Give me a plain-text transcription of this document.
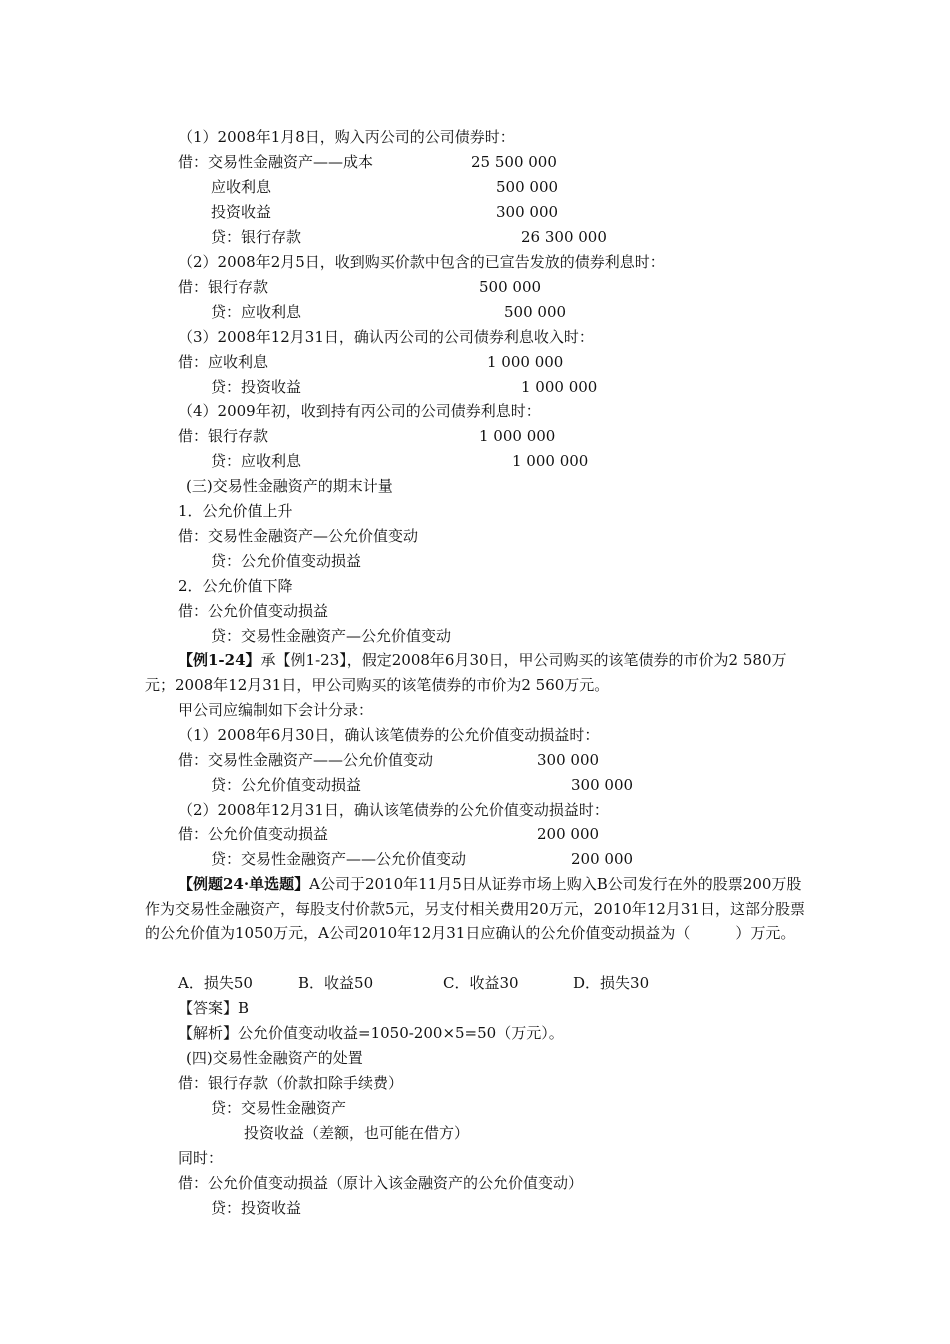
（1）2008年1月8日，购入丙公司的公司债券时：
借：交易性金融资产——成本	25 500 000
应收利息	500 000
投资收益	300 000
贷：银行存款	26 300 000
（2）2008年2月5日，收到购买价款中包含的已宣告发放的债券利息时：
借：银行存款	500 000
贷：应收利息	500 000
（3）2008年12月31日，确认丙公司的公司债券利息收入时：
借：应收利息	1 000 000
贷：投资收益	1 000 000
（4）2009年初，收到持有丙公司的公司债券利息时：
借：银行存款	1 000 000
贷：应收利息	1 000 000
(三)交易性金融资产的期末计量
1．公允价值上升
借：交易性金融资产—公允价值变动
贷：公允价值变动损益
2．公允价值下降
借：公允价值变动损益
贷：交易性金融资产—公允价值变动
【例1-24】承【例1-23】，假定2008年6月30日，甲公司购买的该笔债券的市价为2 580万元；2008年12月31日，甲公司购买的该笔债券的市价为2 560万元。
甲公司应编制如下会计分录：
（1）2008年6月30日，确认该笔债券的公允价值变动损益时：
借：交易性金融资产——公允价值变动	300 000
贷：公允价值变动损益	300 000
（2）2008年12月31日，确认该笔债券的公允价值变动损益时：
借：公允价值变动损益	200 000
贷：交易性金融资产——公允价值变动	200 000
【例题24·单选题】A公司于2010年11月5日从证券市场上购入B公司发行在外的股票200万股作为交易性金融资产，每股支付价款5元，另支付相关费用20万元，2010年12月31日，这部分股票的公允价值为1050万元，A公司2010年12月31日应确认的公允价值变动损益为（　　　）万元。
A．损失50	B．收益50	C．收益30	D．损失30
【答案】B
【解析】公允价值变动收益=1050-200×5=50（万元）。
(四)交易性金融资产的处置
借：银行存款（价款扣除手续费）
贷：交易性金融资产
投资收益（差额，也可能在借方）
同时：
借：公允价值变动损益（原计入该金融资产的公允价值变动）
贷：投资收益
